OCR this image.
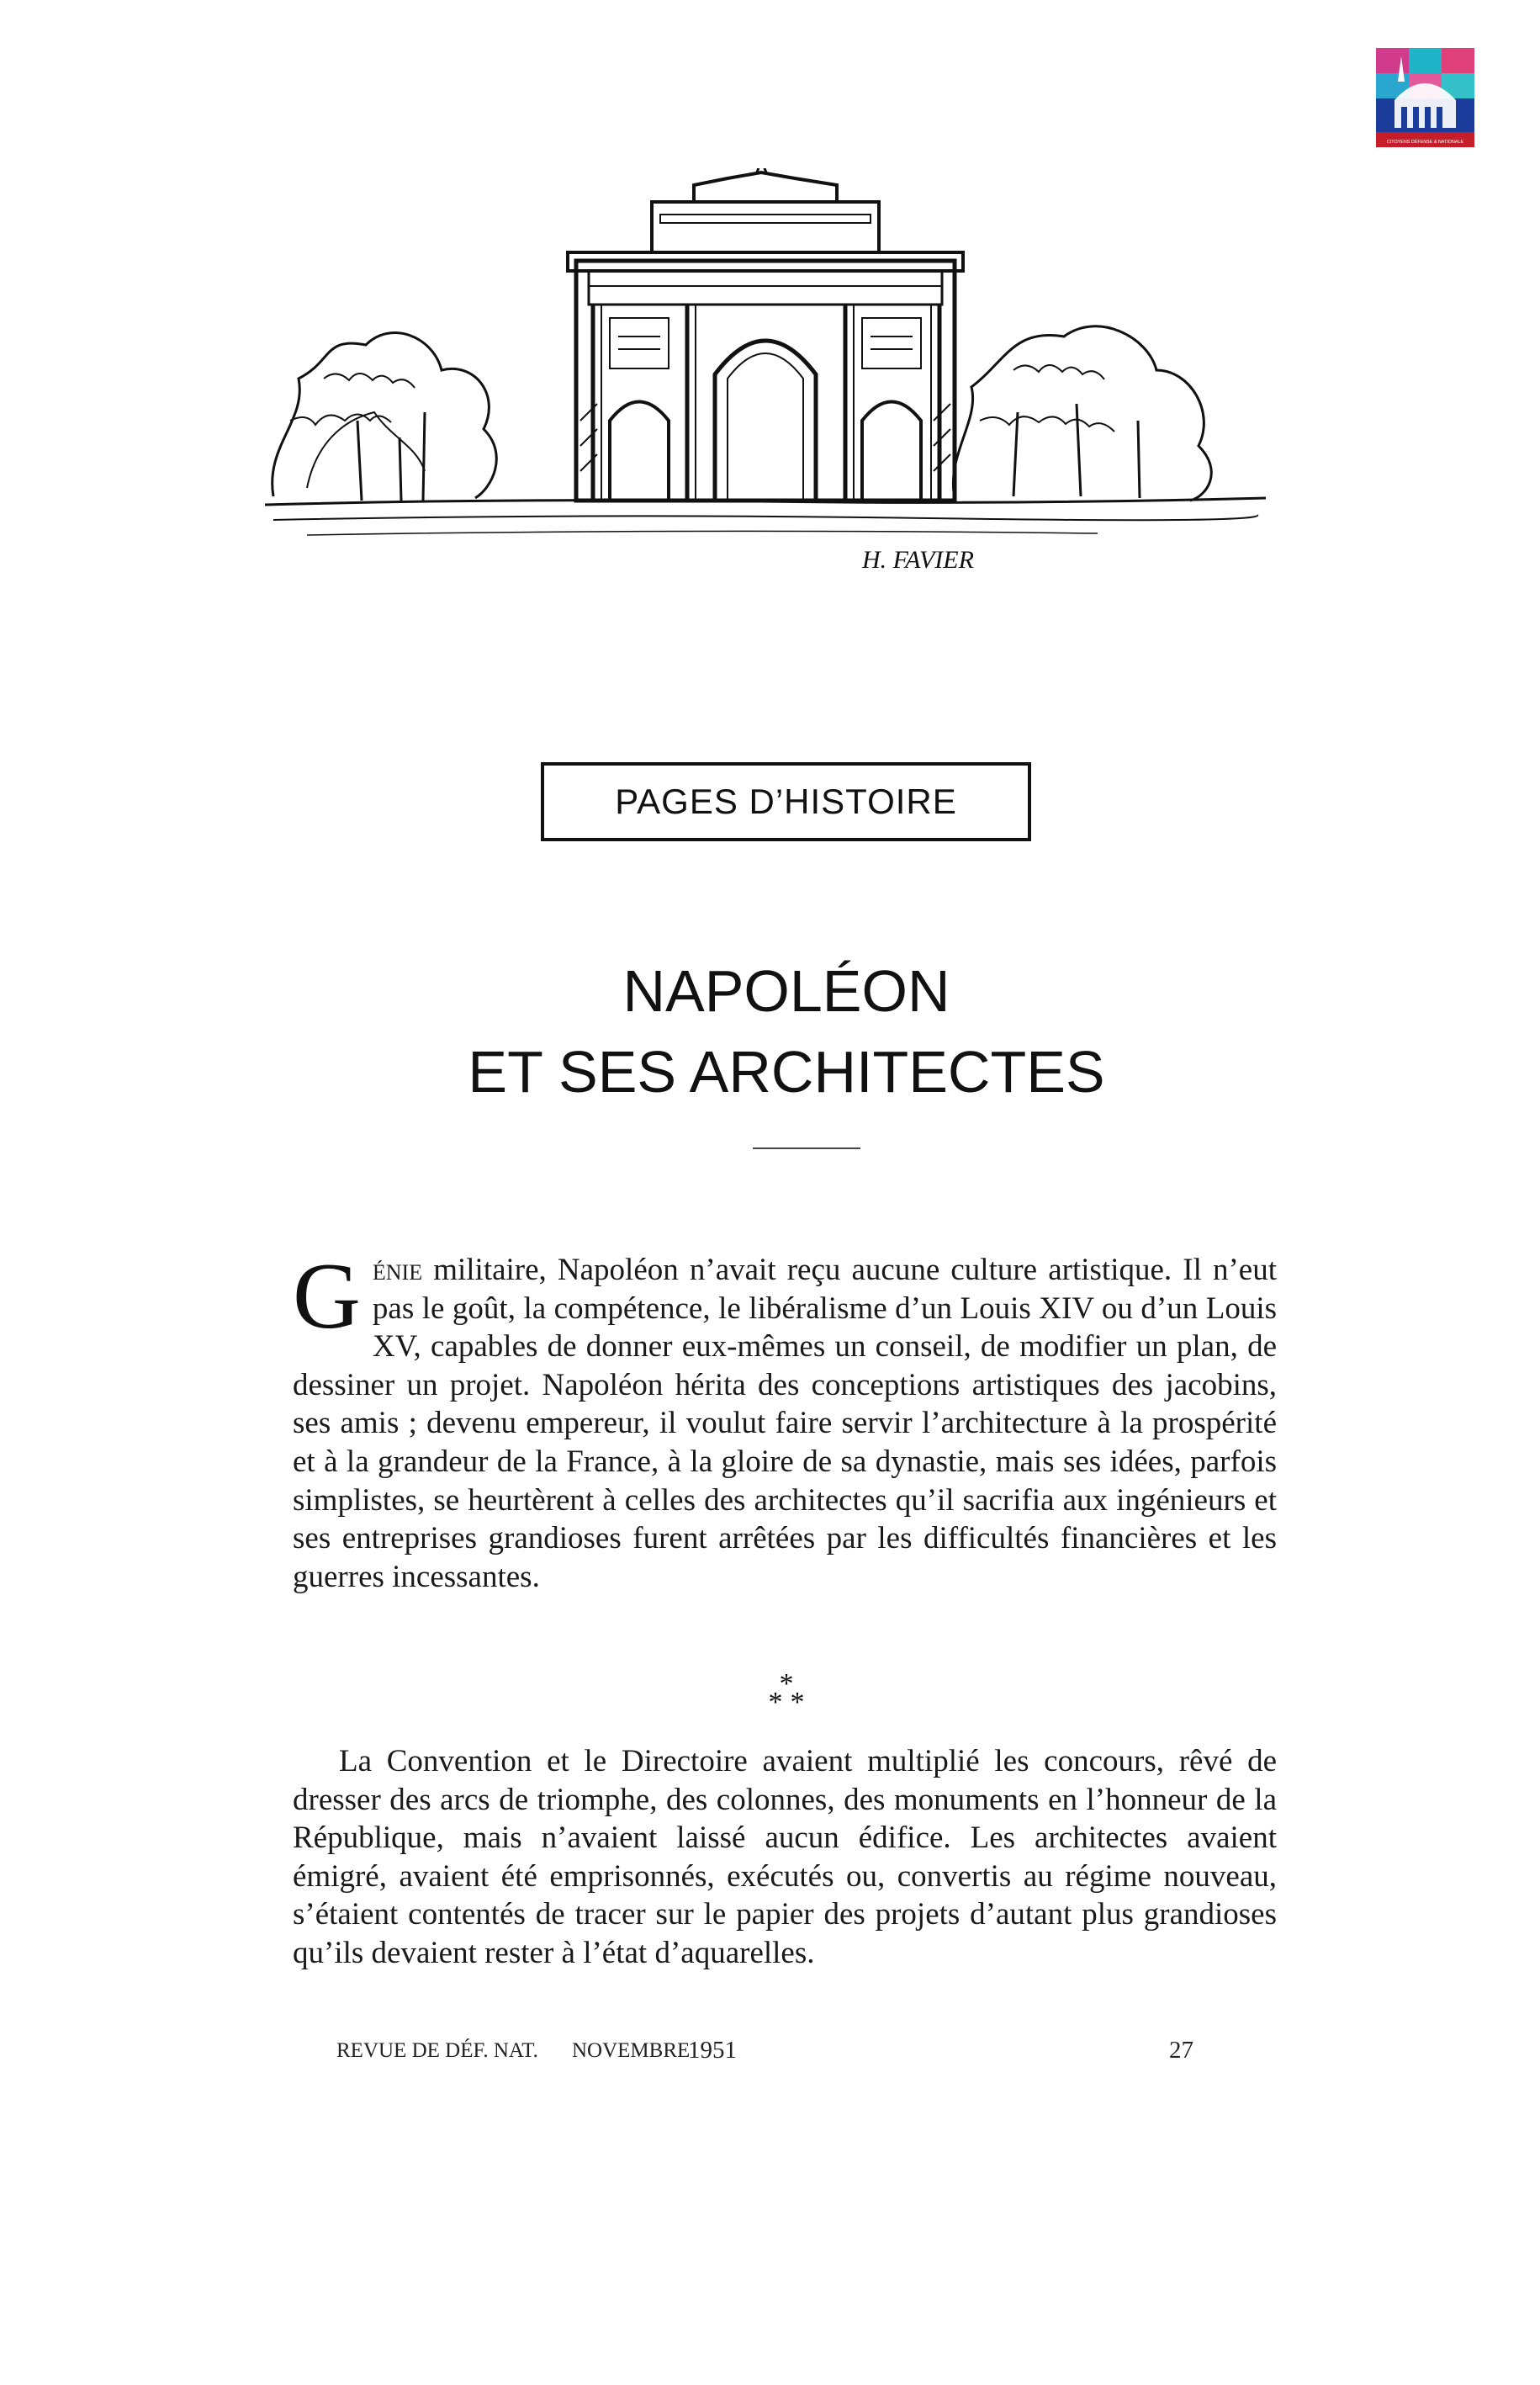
CITOYENS DÉFENSE & NATIONALE
H. FAVIER
PAGES D’HISTOIRE
NAPOLÉON
ET SES ARCHITECTES
Génie militaire, Napoléon n’avait reçu aucune culture artistique. Il n’eut pas le goût, la compétence, le libéralisme d’un Louis XIV ou d’un Louis XV, capables de donner eux-mêmes un conseil, de modifier un plan, de dessiner un projet. Napoléon hérita des conceptions artistiques des jacobins, ses amis ; devenu empereur, il voulut faire servir l’architecture à la prospérité et à la grandeur de la France, à la gloire de sa dynastie, mais ses idées, parfois simplistes, se heurtèrent à celles des architectes qu’il sacrifia aux ingénieurs et ses entreprises grandioses furent arrêtées par les difficultés financières et les guerres incessantes.
*
* *
La Convention et le Directoire avaient multiplié les concours, rêvé de dresser des arcs de triomphe, des colonnes, des monuments en l’honneur de la République, mais n’avaient laissé aucun édifice. Les architectes avaient émigré, avaient été emprisonnés, exécutés ou, convertis au régime nouveau, s’étaient contentés de tracer sur le papier des projets d’autant plus grandioses qu’ils devaient rester à l’état d’aquarelles.
REVUE DE DÉF. NAT. NOVEMBRE
1951	27
